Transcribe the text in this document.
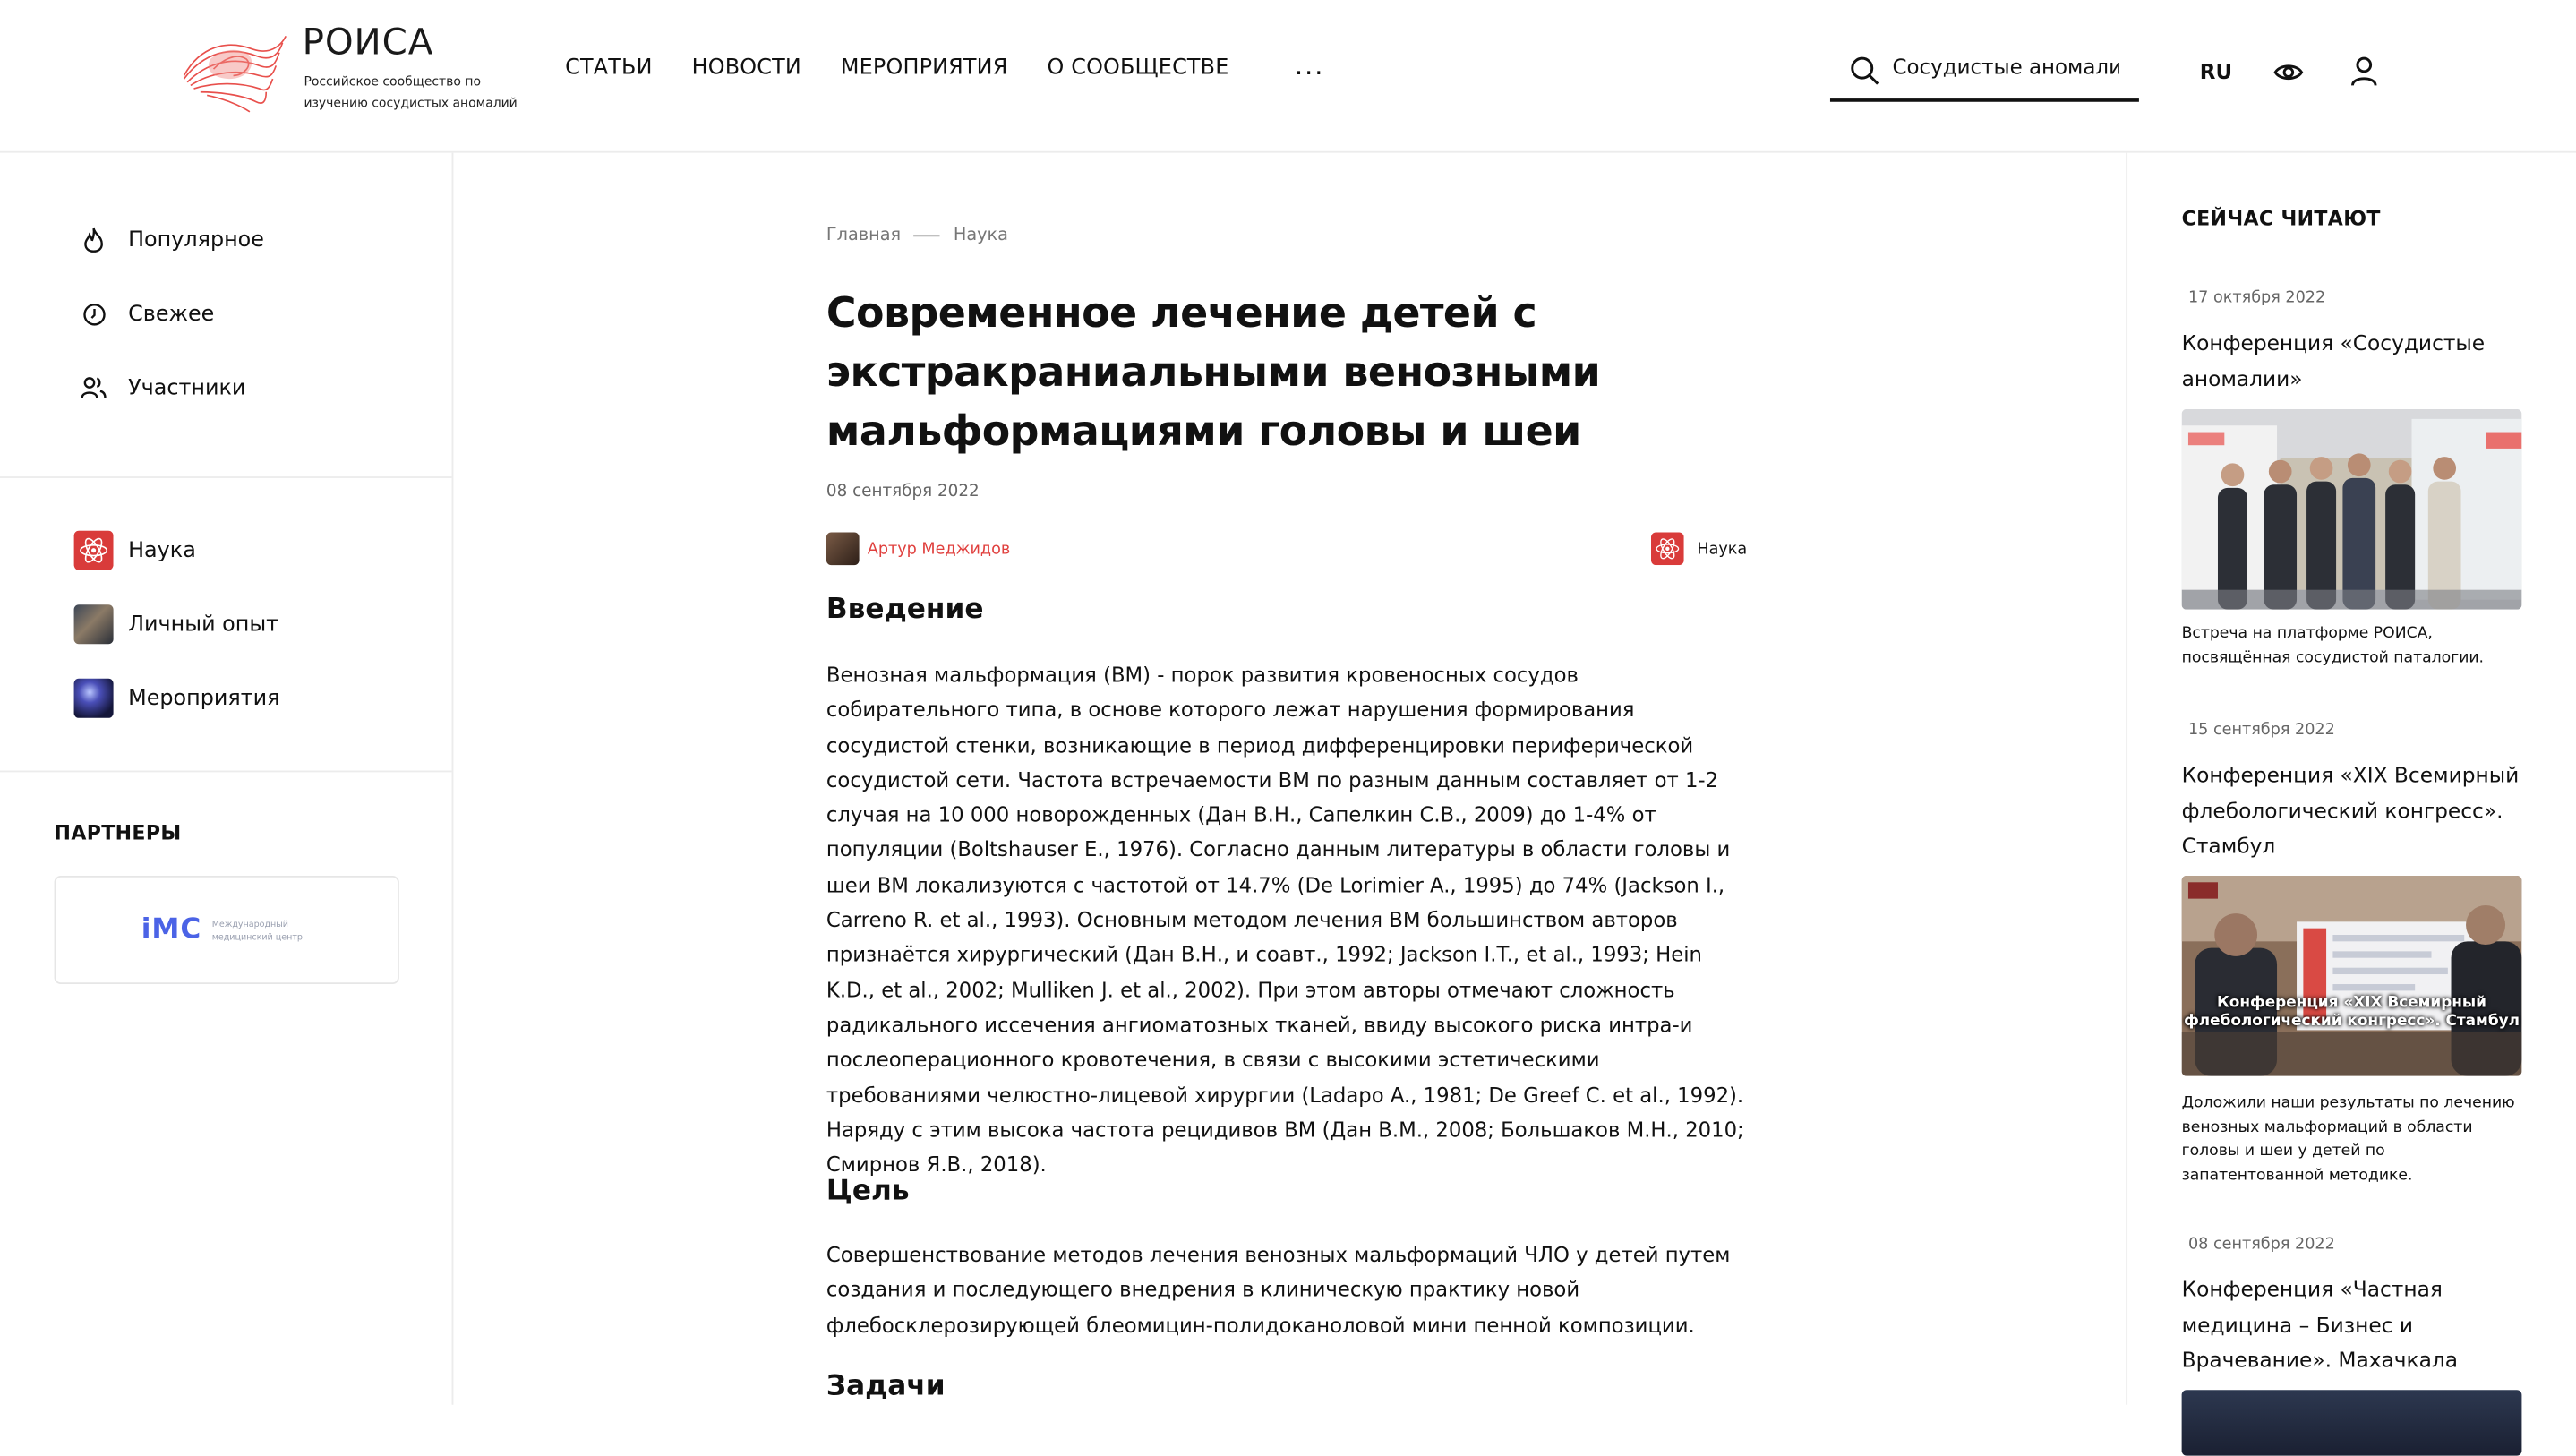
РОИСА
Российское сообщество по изучению сосудистых аномалий
СТАТЬИ	НОВОСТИ	МЕРОПРИЯТИЯ	О СООБЩЕСТВЕ	···
Сосудистые аномалии	RU
Популярное
Свежее
Участники
Наука
Личный опыт
Мероприятия
ПАРТНЕРЫ
iMC Международный медицинский центр
Главная	Наука
Современное лечение детей с экстракраниальными венозными мальформациями головы и шеи
08 сентября 2022
Артур Меджидов	Наука
Введение
Венозная мальформация (ВМ) - порок развития кровеносных сосудов собирательного типа, в основе которого лежат нарушения формирования сосудистой стенки, возникающие в период дифференцировки периферической сосудистой сети. Частота встречаемости ВМ по разным данным составляет от 1-2 случая на 10 000 новорожденных (Дан В.Н., Сапелкин С.В., 2009) до 1-4% от популяции (Boltshauser E., 1976). Согласно данным литературы в области головы и шеи ВМ локализуются с частотой от 14.7% (De Lorimier A., 1995) до 74% (Jackson I., Carreno R. et al., 1993). Основным методом лечения ВМ большинством авторов признаётся хирургический (Дан В.Н., и соавт., 1992; Jackson I.T., et al., 1993; Hein K.D., et al., 2002; Mulliken J. et al., 2002). При этом авторы отмечают сложность радикального иссечения ангиоматозных тканей, ввиду высокого риска интра-и послеоперационного кровотечения, в связи с высокими эстетическими требованиями челюстно-лицевой хирургии (Ladapo A., 1981; De Greef C. et al., 1992). Наряду с этим высока частота рецидивов ВМ (Дан В.М., 2008; Большаков М.Н., 2010; Смирнов Я.В., 2018).
Цель
Совершенствование методов лечения венозных мальформаций ЧЛО у детей путем создания и последующего внедрения в клиническую практику новой флебосклерозирующей блеомицин-полидоканоловой мини пенной композиции.
Задачи
СЕЙЧАС ЧИТАЮТ
17 октября 2022
Конференция «Сосудистые аномалии»
Встреча на платформе РОИСА, посвящённая сосудистой паталогии.
15 сентября 2022
Конференция «XIX Всемирный флебологический конгресс». Стамбул
Конференция «XIX Всемирный флебологический конгресс». Стамбул
Доложили наши результаты по лечению венозных мальформаций в области головы и шеи у детей по запатентованной методике.
08 сентября 2022
Конференция «Частная медицина – Бизнес и Врачевание». Махачкала
